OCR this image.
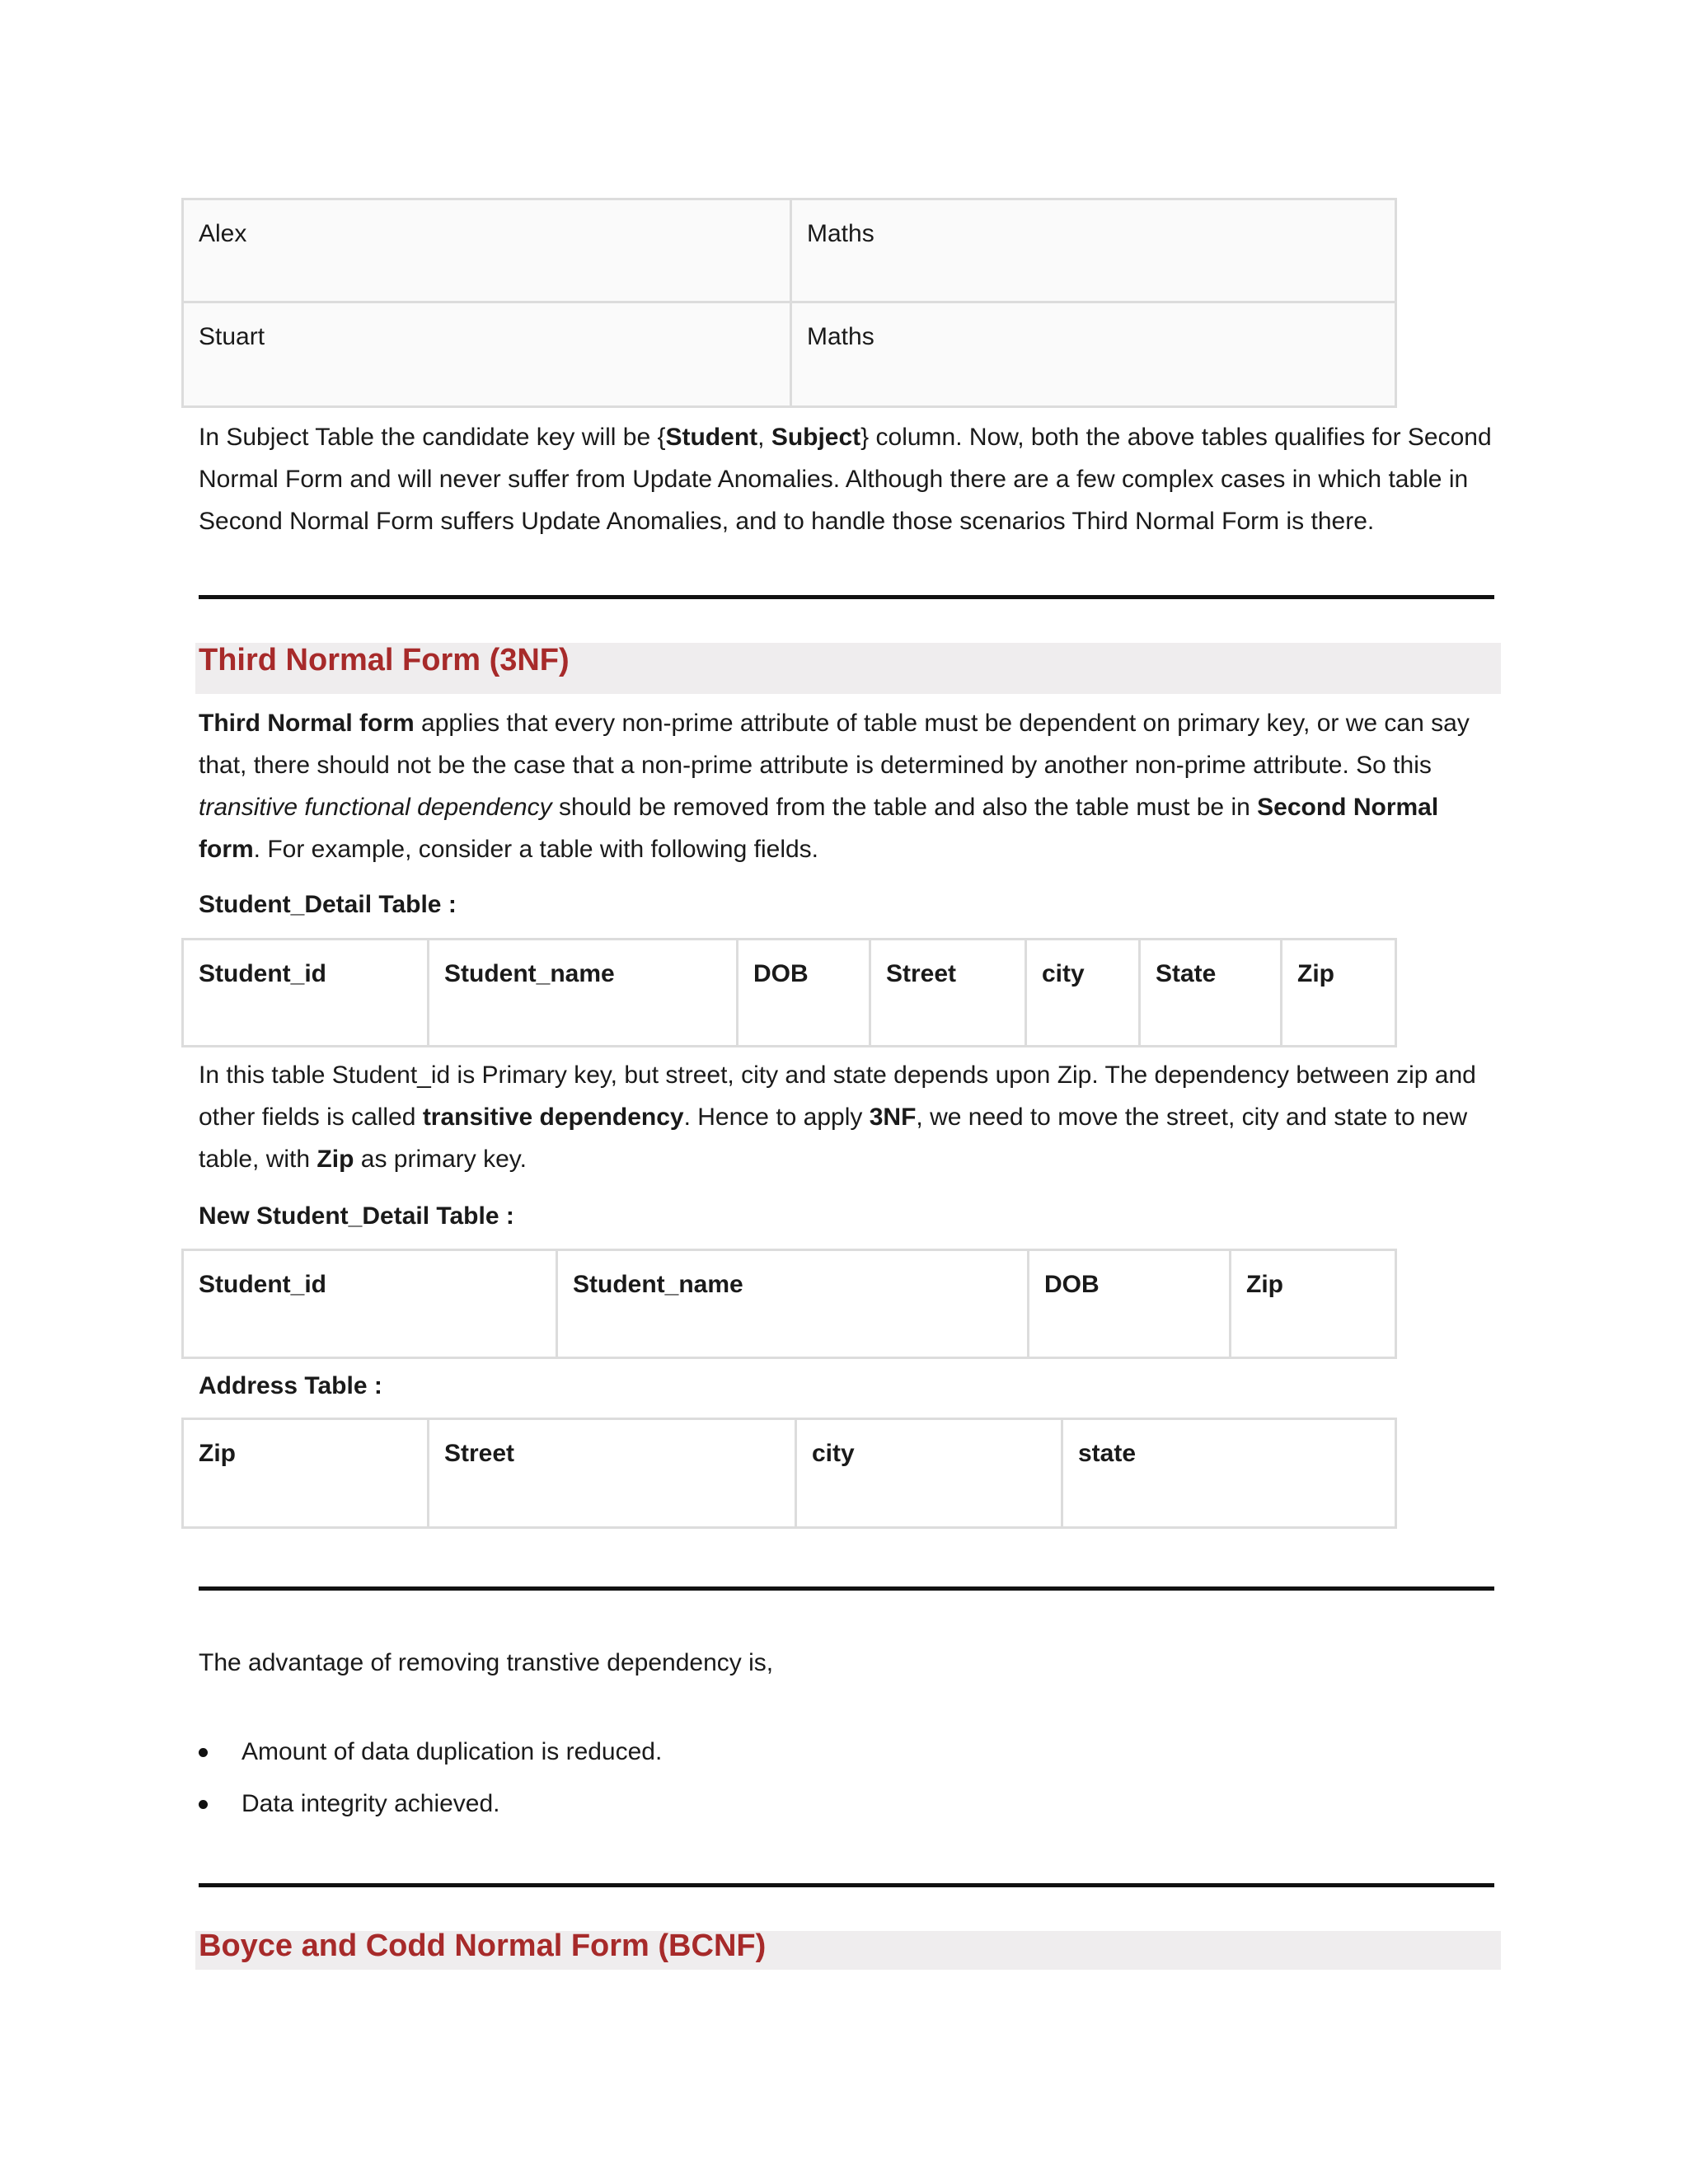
Alex	Maths
Stuart	Maths
In Subject Table the candidate key will be {Student, Subject} column. Now, both the above tables qualifies for Second Normal Form and will never suffer from Update Anomalies. Although there are a few complex cases in which table in Second Normal Form suffers Update Anomalies, and to handle those scenarios Third Normal Form is there.
Third Normal Form (3NF)
Third Normal form applies that every non-prime attribute of table must be dependent on primary key, or we can say that, there should not be the case that a non-prime attribute is determined by another non-prime attribute. So this transitive functional dependency should be removed from the table and also the table must be in Second Normal form. For example, consider a table with following fields.
Student_Detail Table :
Student_id	Student_name	DOB	Street	city	State	Zip
In this table Student_id is Primary key, but street, city and state depends upon Zip. The dependency between zip and other fields is called transitive dependency. Hence to apply 3NF, we need to move the street, city and state to new table, with Zip as primary key.
New Student_Detail Table :
Student_id	Student_name	DOB	Zip
Address Table :
Zip	Street	city	state
The advantage of removing transtive dependency is,
Amount of data duplication is reduced.
Data integrity achieved.
Boyce and Codd Normal Form (BCNF)
